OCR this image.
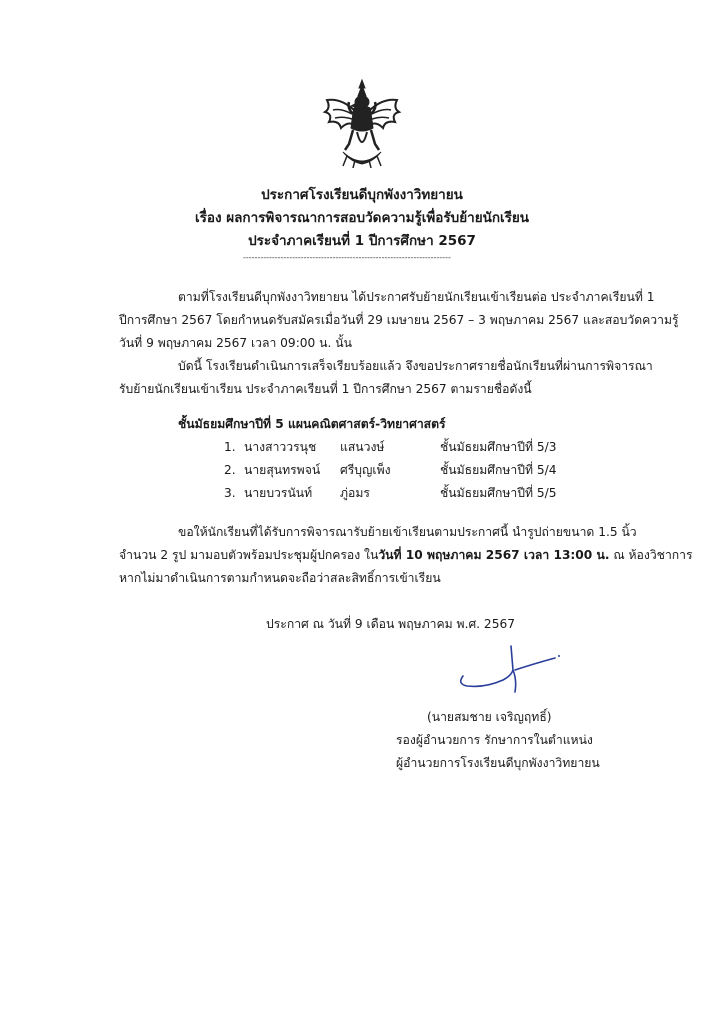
ประกาศโรงเรียนดีบุกพังงาวิทยายน
เรื่อง ผลการพิจารณาการสอบวัดความรู้เพื่อรับย้ายนักเรียน
ประจำภาคเรียนที่ 1 ปีการศึกษา 2567
------------------------------------------------------------------------
ตามที่โรงเรียนดีบุกพังงาวิทยายน ได้ประกาศรับย้ายนักเรียนเข้าเรียนต่อ ประจำภาคเรียนที่ 1
ปีการศึกษา 2567 โดยกำหนดรับสมัครเมื่อวันที่ 29 เมษายน 2567 – 3 พฤษภาคม 2567 และสอบวัดความรู้
วันที่ 9 พฤษภาคม 2567 เวลา 09:00 น. นั้น
บัดนี้ โรงเรียนดำเนินการเสร็จเรียบร้อยแล้ว จึงขอประกาศรายชื่อนักเรียนที่ผ่านการพิจารณา
รับย้ายนักเรียนเข้าเรียน ประจำภาคเรียนที่ 1 ปีการศึกษา 2567 ตามรายชื่อดังนี้
ชั้นมัธยมศึกษาปีที่ 5 แผนคณิตศาสตร์-วิทยาศาสตร์
1. นางสาววรนุช แสนวงษ์	ชั้นมัธยมศึกษาปีที่ 5/3
2. นายสุนทรพจน์ ศรีบุญเพ็ง	ชั้นมัธยมศึกษาปีที่ 5/4
3. นายบวรนันท์ ภู่อมร	ชั้นมัธยมศึกษาปีที่ 5/5
ขอให้นักเรียนที่ได้รับการพิจารณารับย้ายเข้าเรียนตามประกาศนี้ นำรูปถ่ายขนาด 1.5 นิ้ว
จำนวน 2 รูป มามอบตัวพร้อมประชุมผู้ปกครอง ในวันที่ 10 พฤษภาคม 2567 เวลา 13:00 น. ณ ห้องวิชาการ
หากไม่มาดำเนินการตามกำหนดจะถือว่าสละสิทธิ์การเข้าเรียน
ประกาศ ณ วันที่ 9 เดือน พฤษภาคม พ.ศ. 2567
(นายสมชาย เจริญฤทธิ์)
รองผู้อำนวยการ รักษาการในตำแหน่ง
ผู้อำนวยการโรงเรียนดีบุกพังงาวิทยายน
